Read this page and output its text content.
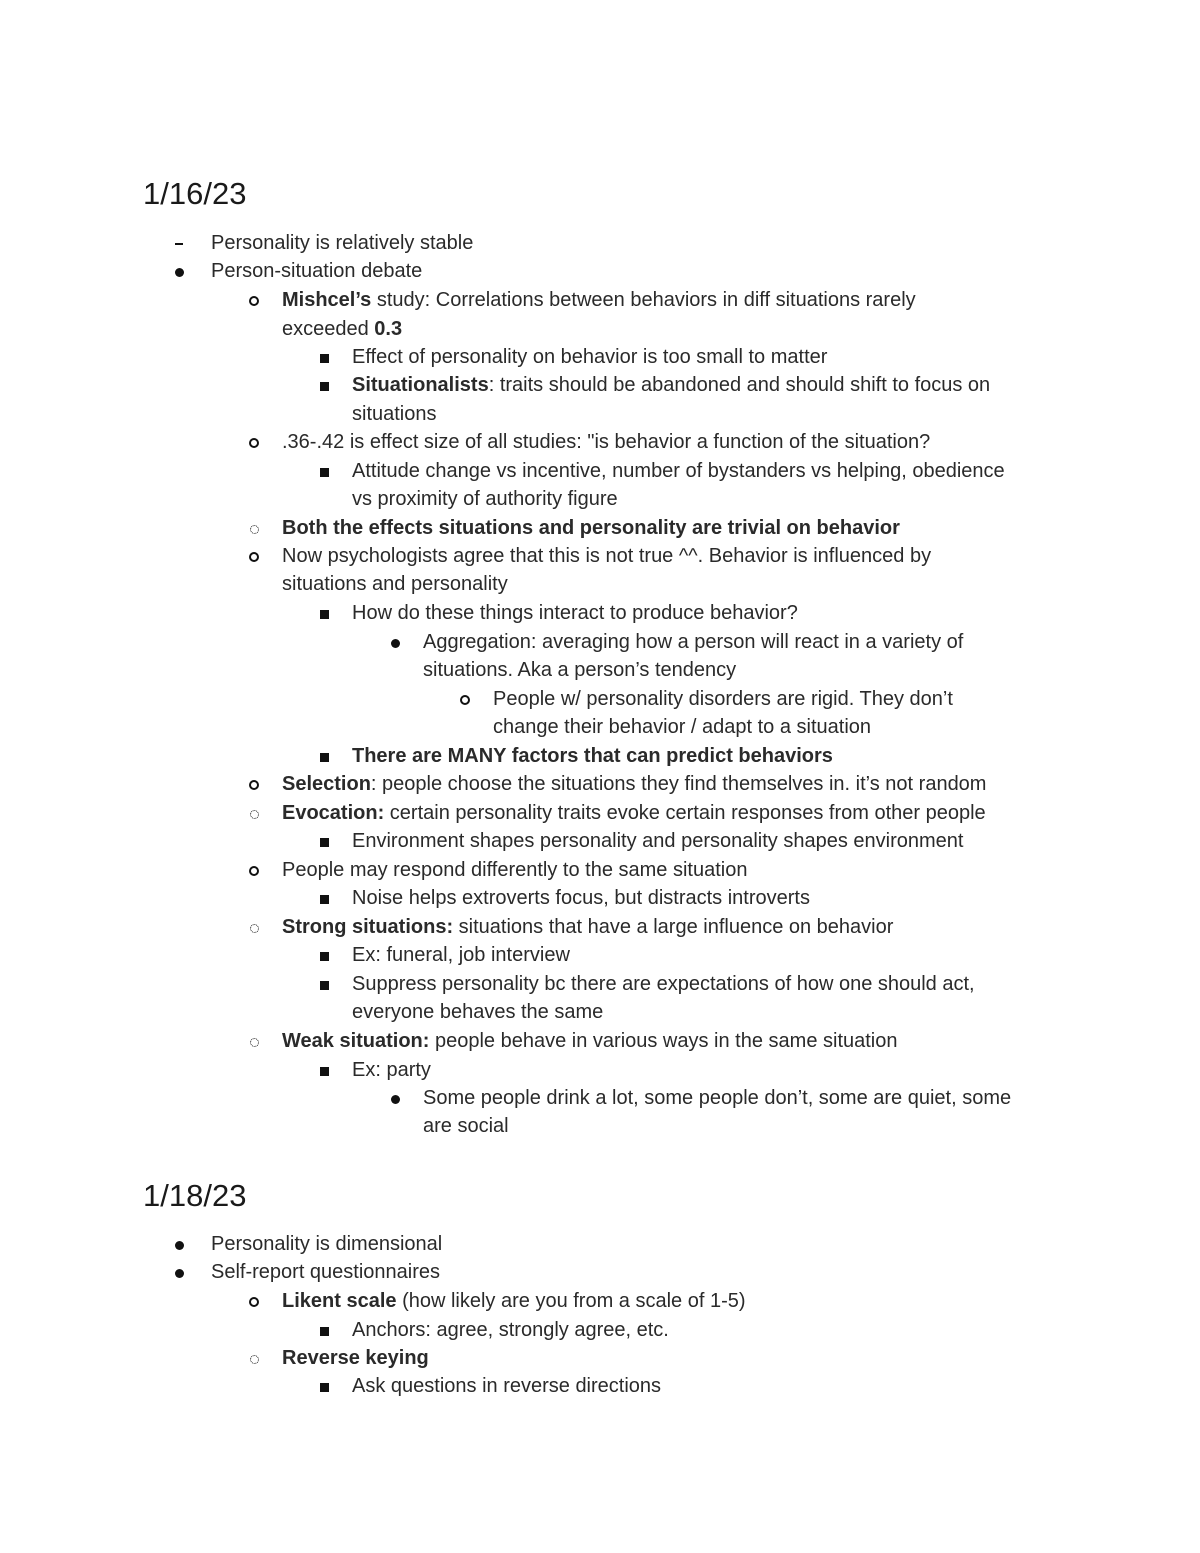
1/16/23
Personality is relatively stable
Person-situation debate
Mishcel’s study: Correlations between behaviors in diff situations rarely
exceeded 0.3
Effect of personality on behavior is too small to matter
Situationalists: traits should be abandoned and should shift to focus on
situations
.36-.42 is effect size of all studies: "is behavior a function of the situation?
Attitude change vs incentive, number of bystanders vs helping, obedience
vs proximity of authority figure
Both the effects situations and personality are trivial on behavior
Now psychologists agree that this is not true ^^. Behavior is influenced by
situations and personality
How do these things interact to produce behavior?
Aggregation: averaging how a person will react in a variety of
situations. Aka a person’s tendency
People w/ personality disorders are rigid. They don’t
change their behavior / adapt to a situation
There are MANY factors that can predict behaviors
Selection: people choose the situations they find themselves in. it’s not random
Evocation: certain personality traits evoke certain responses from other people
Environment shapes personality and personality shapes environment
People may respond differently to the same situation
Noise helps extroverts focus, but distracts introverts
Strong situations: situations that have a large influence on behavior
Ex: funeral, job interview
Suppress personality bc there are expectations of how one should act,
everyone behaves the same
Weak situation: people behave in various ways in the same situation
Ex: party
Some people drink a lot, some people don’t, some are quiet, some
are social
1/18/23
Personality is dimensional
Self-report questionnaires
Likent scale (how likely are you from a scale of 1-5)
Anchors: agree, strongly agree, etc.
Reverse keying
Ask questions in reverse directions
